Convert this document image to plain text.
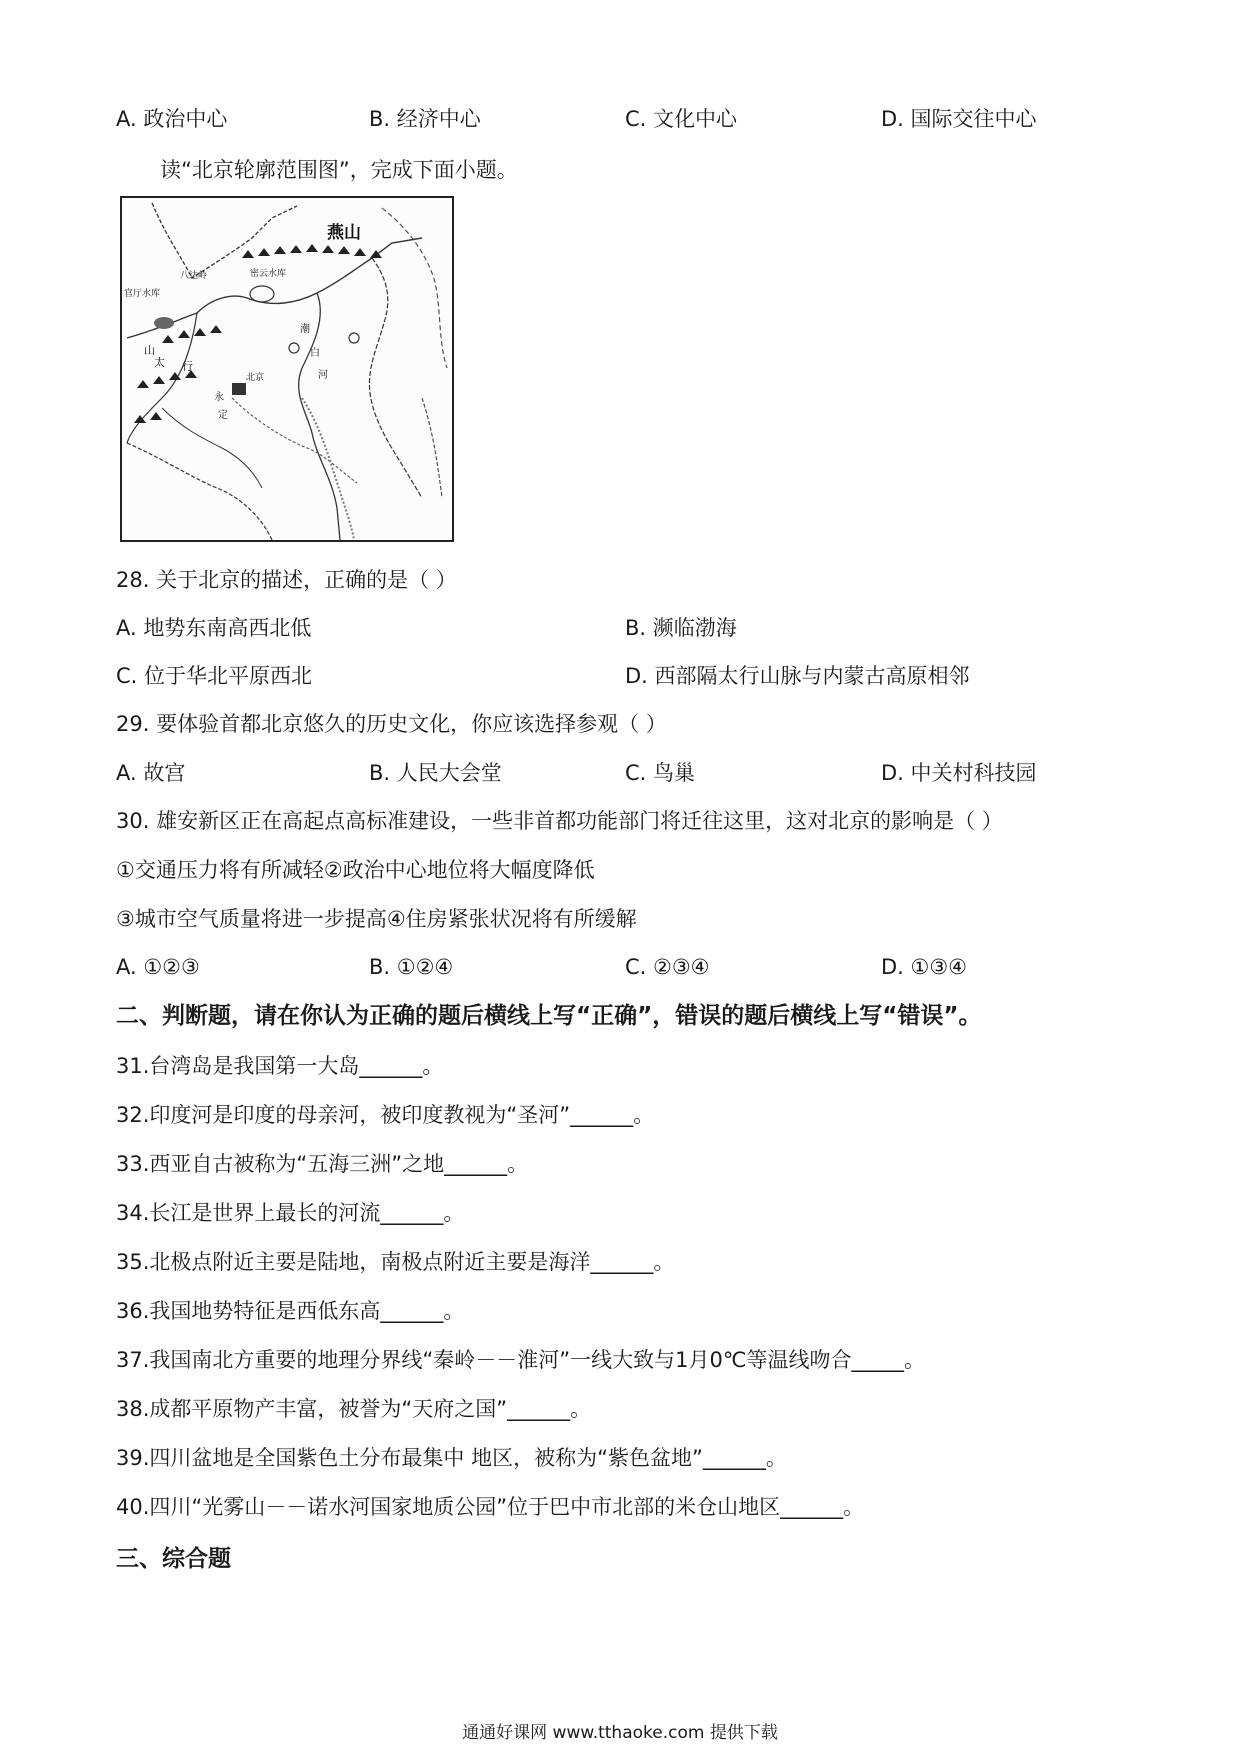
A. 政治中心	B. 经济中心	C. 文化中心	D. 国际交往中心
读“北京轮廓范围图”，完成下面小题。
燕山
八达岭	密云水库
官厅水库
北京
潮
白
河
太 行
山
永
定
28. 关于北京的描述，正确的是（ ）
A. 地势东南高西北低	B. 濒临渤海
C. 位于华北平原西北	D. 西部隔太行山脉与内蒙古高原相邻
29. 要体验首都北京悠久的历史文化，你应该选择参观（ ）
A. 故宫	B. 人民大会堂	C. 鸟巢	D. 中关村科技园
30. 雄安新区正在高起点高标准建设，一些非首都功能部门将迁往这里，这对北京的影响是（ ）
①交通压力将有所减轻②政治中心地位将大幅度降低
③城市空气质量将进一步提高④住房紧张状况将有所缓解
A. ①②③	B. ①②④	C. ②③④	D. ①③④
二、判断题，请在你认为正确的题后横线上写“正确”，错误的题后横线上写“错误”。
31.台湾岛是我国第一大岛______。
32.印度河是印度的母亲河，被印度教视为“圣河”______。
33.西亚自古被称为“五海三洲”之地______。
34.长江是世界上最长的河流______。
35.北极点附近主要是陆地，南极点附近主要是海洋______。
36.我国地势特征是西低东高______。
37.我国南北方重要的地理分界线“秦岭－－淮河”一线大致与1月0℃等温线吻合_____。
38.成都平原物产丰富，被誉为“天府之国”______。
39.四川盆地是全国紫色土分布最集中 地区，被称为“紫色盆地”______。
40.四川“光雾山－－诺水河国家地质公园”位于巴中市北部的米仓山地区______。
三、综合题
通通好课网 www.tthaoke.com 提供下载
